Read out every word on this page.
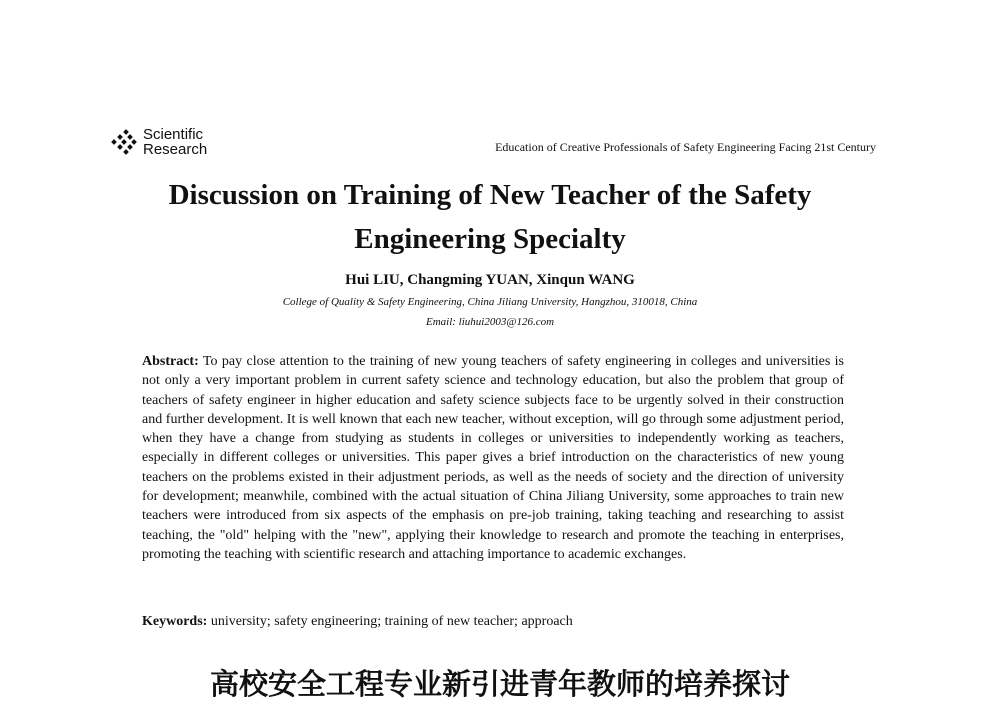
Scientific
Research	Education of Creative Professionals of Safety Engineering Facing 21st Century
Discussion on Training of New Teacher of the Safety
Engineering Specialty
Hui LIU, Changming YUAN, Xinqun WANG
College of Quality & Safety Engineering, China Jiliang University, Hangzhou, 310018, China
Email: liuhui2003@126.com

Abstract: To pay close attention to the training of new young teachers of safety engineering in colleges and universities is not only a very important problem in current safety science and technology education, but also the problem that group of teachers of safety engineer in higher education and safety science subjects face to be urgently solved in their construction and further development. It is well known that each new teacher, without exception, will go through some adjustment period, when they have a change from studying as students in colleges or universities to independently working as teachers, especially in different colleges or universities. This paper gives a brief introduction on the characteristics of new young teachers on the problems existed in their adjustment periods, as well as the needs of society and the direction of university for development; meanwhile, combined with the actual situation of China Jiliang University, some approaches to train new teachers were introduced from six aspects of the emphasis on pre-job training, taking teaching and researching to assist teaching, the "old" helping with the "new", applying their knowledge to research and promote the teaching in enterprises, promoting the teaching with scientific research and attaching importance to academic exchanges.

Keywords: university; safety engineering; training of new teacher; approach

高校安全工程专业新引进青年教师的培养探讨
